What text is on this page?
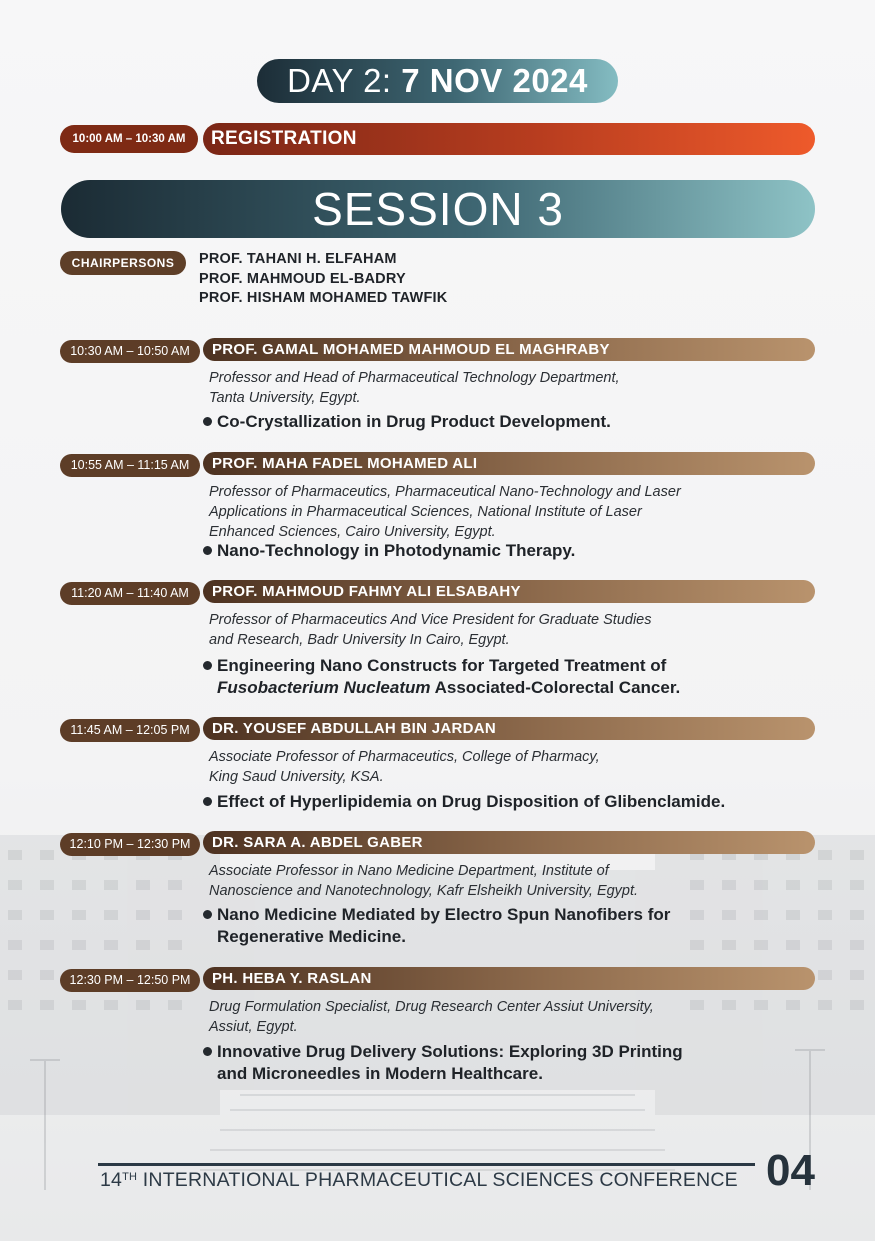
DAY 2: 7 NOV 2024
10:00 AM – 10:30 AM	REGISTRATION
SESSION 3
CHAIRPERSONS	PROF. TAHANI H. ELFAHAM
PROF. MAHMOUD EL-BADRY
PROF. HISHAM MOHAMED TAWFIK
10:30 AM – 10:50 AM	PROF. GAMAL MOHAMED MAHMOUD EL MAGHRABY
Professor and Head of Pharmaceutical Technology Department,
Tanta University, Egypt.
Co-Crystallization in Drug Product Development.
10:55 AM – 11:15 AM	PROF. MAHA FADEL MOHAMED ALI
Professor of Pharmaceutics, Pharmaceutical Nano-Technology and Laser
Applications in Pharmaceutical Sciences, National Institute of Laser
Enhanced Sciences, Cairo University, Egypt.
Nano-Technology in Photodynamic Therapy.
11:20 AM – 11:40 AM	PROF. MAHMOUD FAHMY ALI ELSABAHY
Professor of Pharmaceutics And Vice President for Graduate Studies
and Research, Badr University In Cairo, Egypt.
Engineering Nano Constructs for Targeted Treatment of
Fusobacterium Nucleatum Associated-Colorectal Cancer.
11:45 AM – 12:05 PM	DR. YOUSEF ABDULLAH BIN JARDAN
Associate Professor of Pharmaceutics, College of Pharmacy,
King Saud University, KSA.
Effect of Hyperlipidemia on Drug Disposition of Glibenclamide.
12:10 PM – 12:30 PM	DR. SARA A. ABDEL GABER
Associate Professor in Nano Medicine Department, Institute of
Nanoscience and Nanotechnology, Kafr Elsheikh University, Egypt.
Nano Medicine Mediated by Electro Spun Nanofibers for
Regenerative Medicine.
12:30 PM – 12:50 PM	PH. HEBA Y. RASLAN
Drug Formulation Specialist, Drug Research Center Assiut University,
Assiut, Egypt.
Innovative Drug Delivery Solutions: Exploring 3D Printing
and Microneedles in Modern Healthcare.
14TH INTERNATIONAL PHARMACEUTICAL SCIENCES CONFERENCE 04
